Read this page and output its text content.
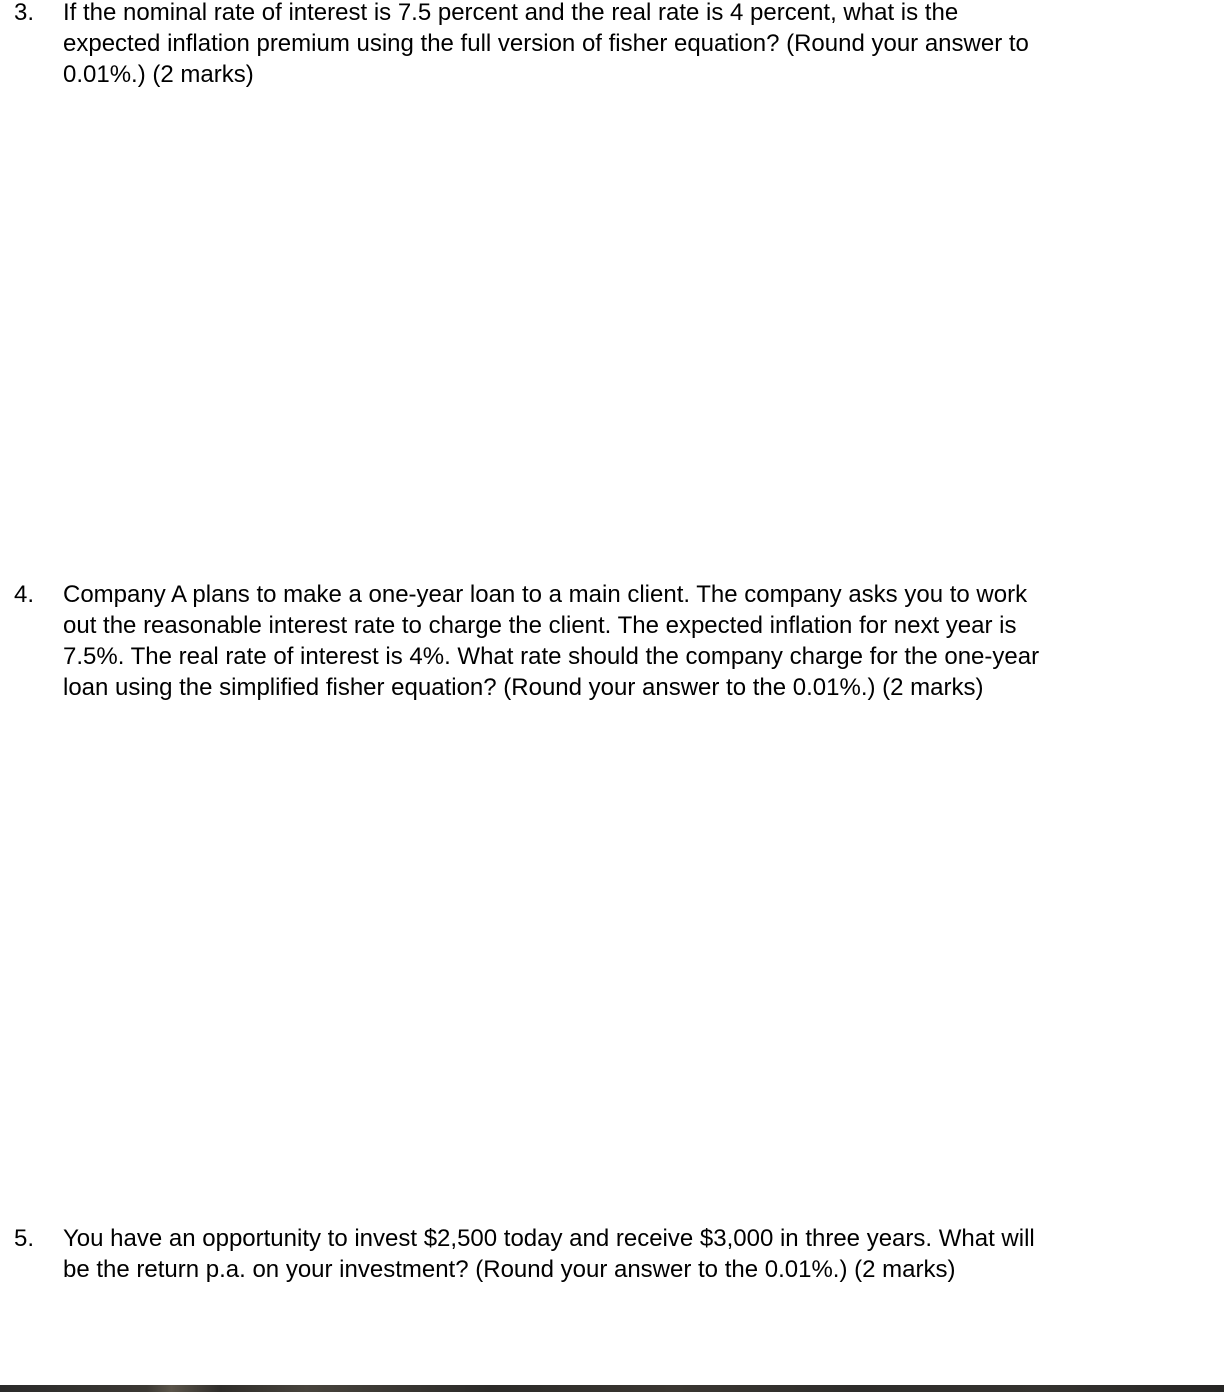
3. If the nominal rate of interest is 7.5 percent and the real rate is 4 percent, what is the
expected inflation premium using the full version of fisher equation? (Round your answer to
0.01%.) (2 marks)

4. Company A plans to make a one-year loan to a main client. The company asks you to work
out the reasonable interest rate to charge the client. The expected inflation for next year is
7.5%. The real rate of interest is 4%. What rate should the company charge for the one-year
loan using the simplified fisher equation? (Round your answer to the 0.01%.) (2 marks)

5. You have an opportunity to invest $2,500 today and receive $3,000 in three years. What will
be the return p.a. on your investment? (Round your answer to the 0.01%.) (2 marks)
